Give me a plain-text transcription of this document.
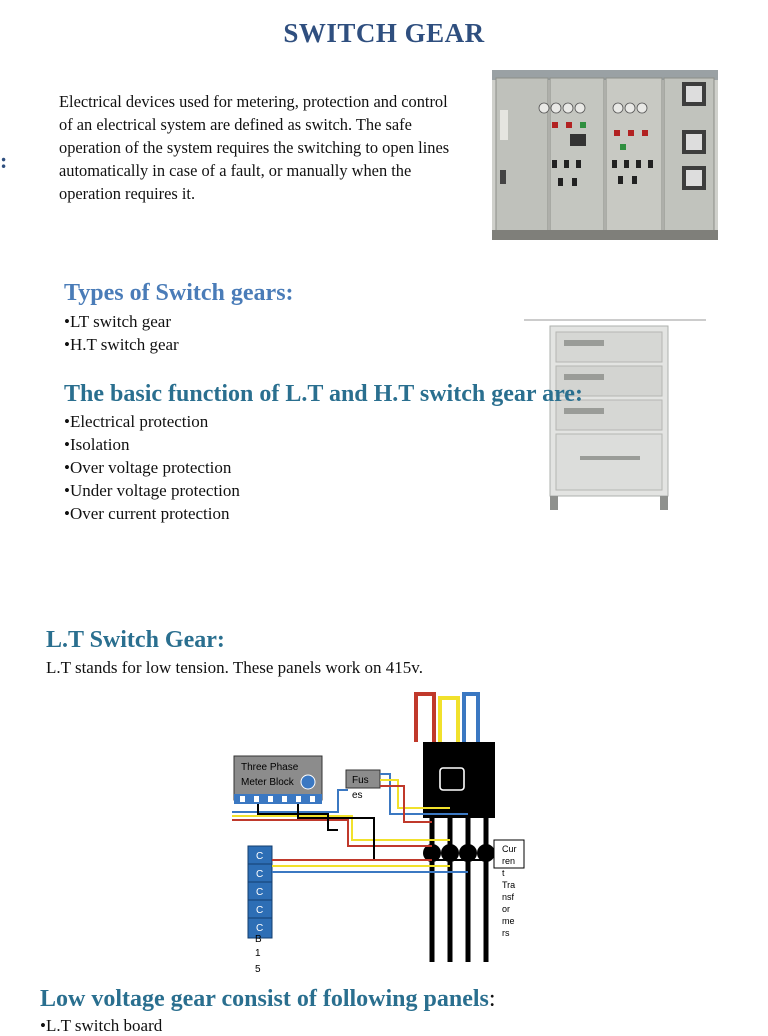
SWITCH GEAR
:
Electrical devices used for metering, protection and control of an electrical system are defined as switch. The safe operation of the system requires the switching to open lines automatically in case of a fault, or manually when the operation requires it.
Types of Switch gears:
•LT switch gear
•H.T switch gear
The basic function of L.T and H.T switch gear are:
•Electrical protection
•Isolation
•Over voltage protection
•Under voltage protection
•Over current protection
L.T Switch Gear:
L.T stands for low tension. These panels work on 415v.
Three Phase
Meter Block	Fus
es
Cur
ren
t
Tra
nsf
or
me
rs
C
C
C
C
C
B
1
5
Low voltage gear consist of following panels:
•L.T switch board
